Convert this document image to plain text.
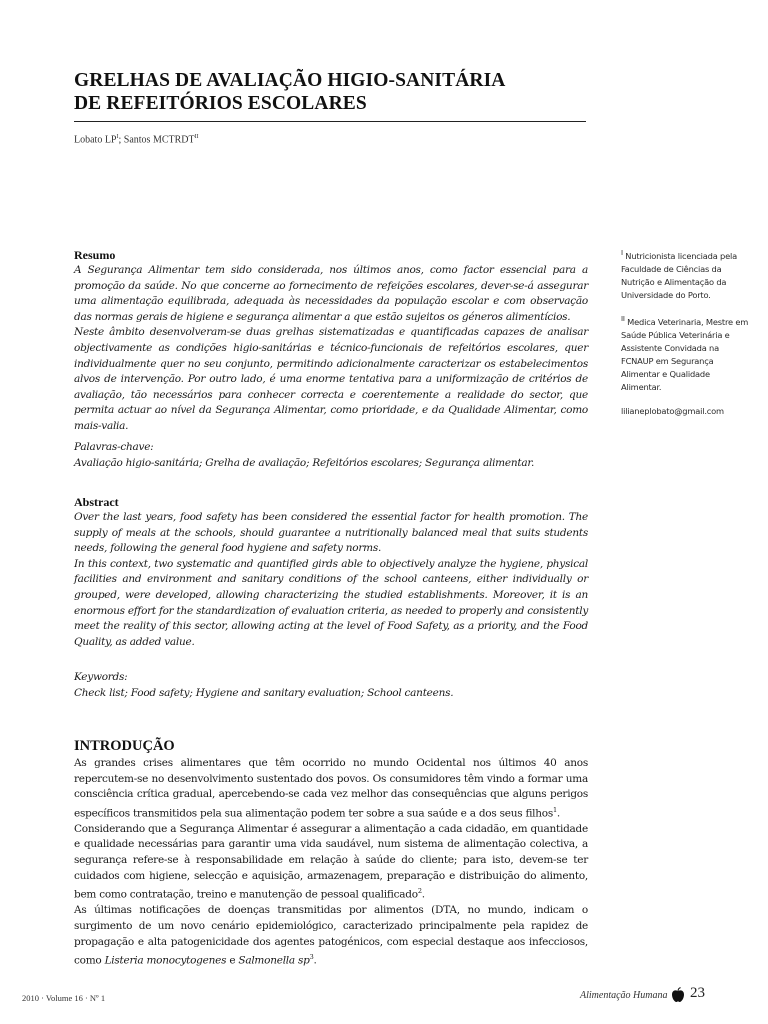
GRELHAS DE AVALIAÇÃO HIGIO-SANITÁRIA
DE REFEITÓRIOS ESCOLARES
Lobato $LP^I$; Santos $MCTRDT^{II}$

Resumo

A Segurança Alimentar tem sido considerada, nos últimos anos, como factor essencial para a promoção da saúde. No que concerne ao fornecimento de refeições escolares, dever-se-á assegurar uma alimentação equilibrada, adequada às necessidades da população escolar e com observação das normas gerais de higiene e segurança alimentar a que estão sujeitos os géneros alimentícios.

Neste âmbito desenvolveram-se duas grelhas sistematizadas e quantificadas capazes de analisar objectivamente as condições higio-sanitárias e técnico-funcionais de refeitórios escolares, quer individualmente quer no seu conjunto, permitindo adicionalmente caracterizar os estabelecimentos alvos de intervenção. Por outro lado, é uma enorme tentativa para a uniformização de critérios de avaliação, tão necessários para conhecer correcta e coerentemente a realidade do sector, que permita actuar ao nível da Segurança Alimentar, como prioridade, e da Qualidade Alimentar, como mais-valia.

Palavras-chave:

Avaliação higio-sanitária; Grelha de avaliação; Refeitórios escolares; Segurança alimentar.

Abstract

Over the last years, food safety has been considered the essential factor for health promotion. The supply of meals at the schools, should guarantee a nutritionally balanced meal that suits students needs, following the general food hygiene and safety norms.

In this context, two systematic and quantified girds able to objectively analyze the hygiene, physical facilities and environment and sanitary conditions of the school canteens, either individually or grouped, were developed, allowing characterizing the studied establishments. Moreover, it is an enormous effort for the standardization of evaluation criteria, as needed to properly and consistently meet the reality of this sector, allowing acting at the level of Food Safety, as a priority, and the Food Quality, as added value.

Keywords:

Check list; Food safety; Hygiene and sanitary evaluation; School canteens.

INTRODUÇÃO

As grandes crises alimentares que têm ocorrido no mundo Ocidental nos últimos 40 anos repercutem-se no desenvolvimento sustentado dos povos. Os consumidores têm vindo a formar uma consciência crítica gradual, apercebendo-se cada vez melhor das consequências que alguns perigos específicos transmitidos pela sua alimentação podem ter sobre a sua saúde e a dos seus filhos$^1$.

Considerando que a Segurança Alimentar é assegurar a alimentação a cada cidadão, em quantidade e qualidade necessárias para garantir uma vida saudável, num sistema de alimentação colectiva, a segurança refere-se à responsabilidade em relação à saúde do cliente; para isto, devem-se ter cuidados com higiene, selecção e aquisição, armazenagem, preparação e distribuição do alimento, bem como contratação, treino e manutenção de pessoal qualificado$^2$.

As últimas notificações de doenças transmitidas por alimentos (DTA, no mundo, indicam o surgimento de um novo cenário epidemiológico, caracterizado principalmente pela rapidez de propagação e alta patogenicidade dos agentes patogénicos, com especial destaque aos infecciosos, como Listeria monocytogenes e Salmonella $sp^3$.

$^I$ Nutricionista licenciada pela Faculdade de Ciências da Nutrição e Alimentação da Universidade do Porto.

$^{II}$ Medica Veterinaria, Mestre em Saúde Pública Veterinária e Assistente Convidada na FCNAUP em Segurança Alimentar e Qualidade Alimentar.

lilianeplobato@gmail.com

2010 · Volume 16 · Nº 1	Alimentação Humana 23
